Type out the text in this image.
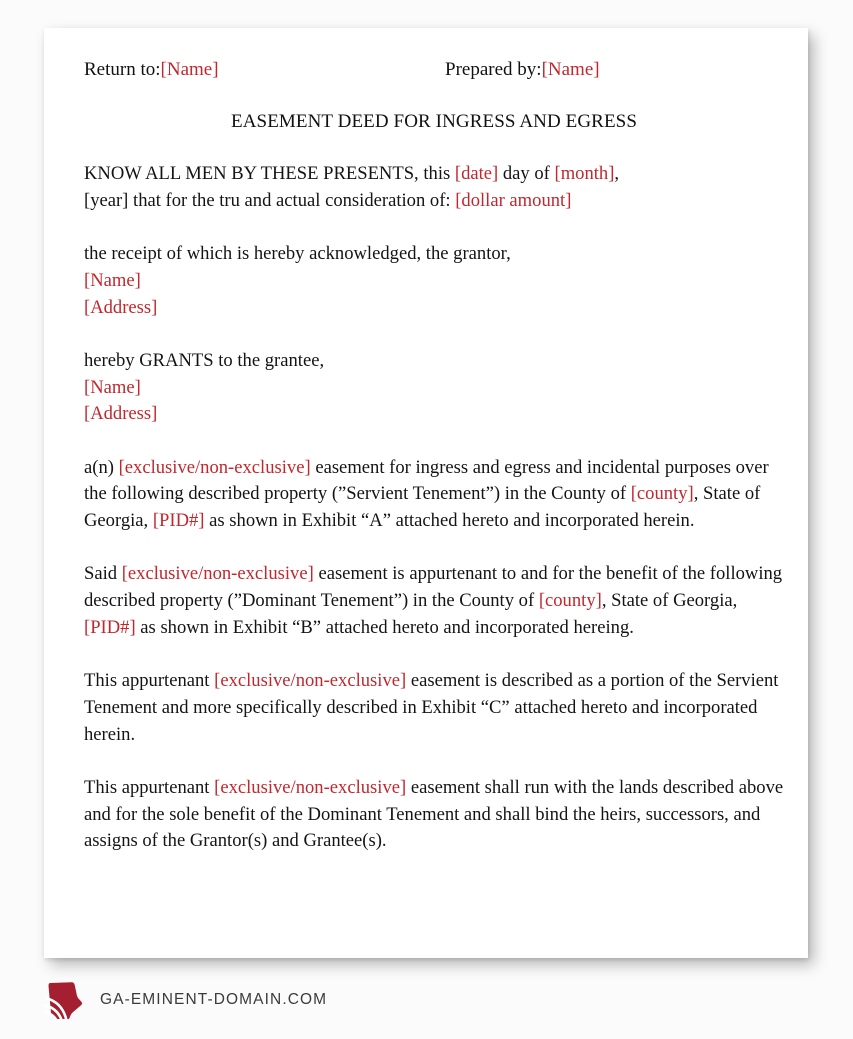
Return to:[Name]	Prepared by:[Name]
EASEMENT DEED FOR INGRESS AND EGRESS

KNOW ALL MEN BY THESE PRESENTS, this [date] day of [month],
[year] that for the tru and actual consideration of: [dollar amount]

the receipt of which is hereby acknowledged, the grantor,
[Name]
[Address]

hereby GRANTS to the grantee,
[Name]
[Address]

a(n) [exclusive/non-exclusive] easement for ingress and egress and incidental purposes over the following described property (”Servient Tenement”) in the County of [county], State of Georgia, [PID#] as shown in Exhibit “A” attached hereto and incorporated herein.

Said [exclusive/non-exclusive] easement is appurtenant to and for the benefit of the following described property (”Dominant Tenement”) in the County of [county], State of Georgia, [PID#] as shown in Exhibit “B” attached hereto and incorporated hereing.

This appurtenant [exclusive/non-exclusive] easement is described as a portion of the Servient Tenement and more specifically described in Exhibit “C” attached hereto and incorporated herein.

This appurtenant [exclusive/non-exclusive] easement shall run with the lands described above and for the sole benefit of the Dominant Tenement and shall bind the heirs, successors, and assigns of the Grantor(s) and Grantee(s).

GA-EMINENT-DOMAIN.COM
